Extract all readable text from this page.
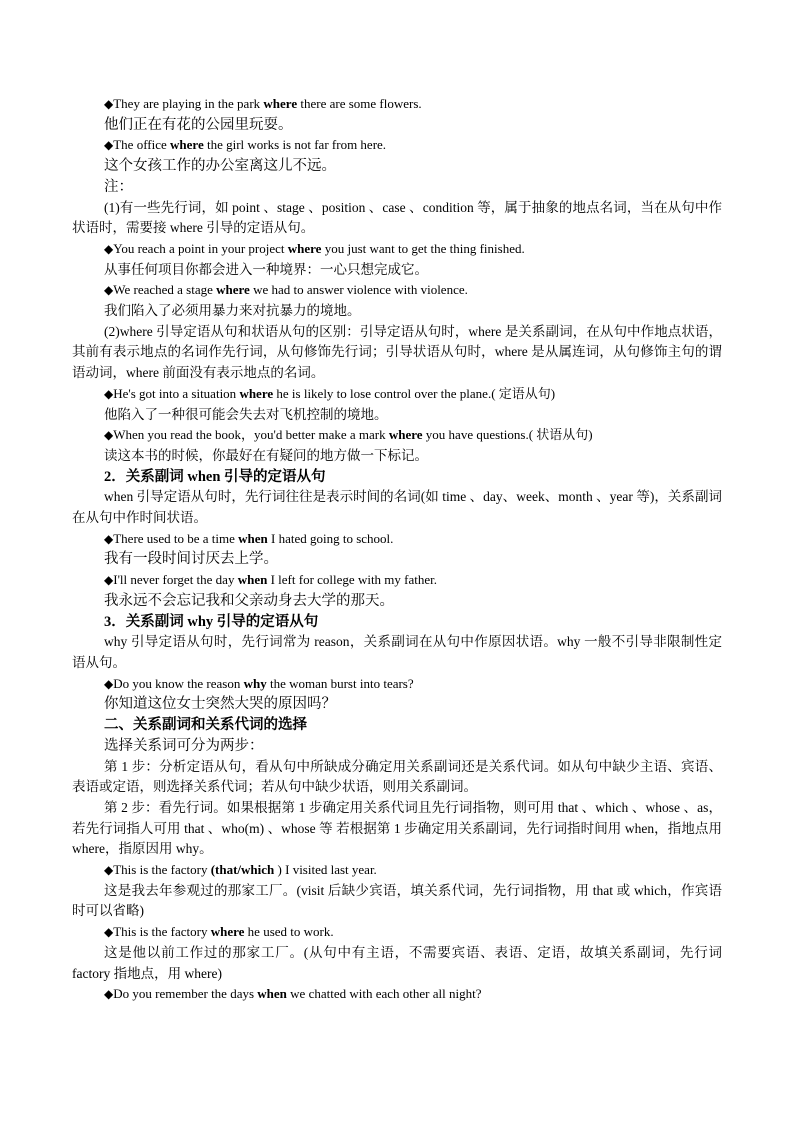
◆They are playing in the park where there are some flowers.

他们正在有花的公园里玩耍。

◆The office where the girl works is not far from here.

这个女孩工作的办公室离这儿不远。

注：

(1)有一些先行词，如 point 、stage 、position 、case 、condition 等，属于抽象的地点名词，当在从句中作状语时，需要接 where 引导的定语从句。

◆You reach a point in your project where you just want to get the thing finished.

从事任何项目你都会进入一种境界：一心只想完成它。

◆We reached a stage where we had to answer violence with violence.

我们陷入了必须用暴力来对抗暴力的境地。

(2)where 引导定语从句和状语从句的区别：引导定语从句时，where 是关系副词，在从句中作地点状语，其前有表示地点的名词作先行词，从句修饰先行词；引导状语从句时，where 是从属连词，从句修饰主句的谓语动词，where 前面没有表示地点的名词。

◆He's got into a situation where he is likely to lose control over the plane.( 定语从句)

他陷入了一种很可能会失去对飞机控制的境地。

◆When you read the book，you'd better make a mark where you have questions.( 状语从句)

读这本书的时候，你最好在有疑问的地方做一下标记。

2．关系副词 when 引导的定语从句

when 引导定语从句时，先行词往往是表示时间的名词(如 time 、day、week、month 、year 等)，关系副词在从句中作时间状语。

◆There used to be a time when I hated going to school.

我有一段时间讨厌去上学。

◆I'll never forget the day when I left for college with my father.

我永远不会忘记我和父亲动身去大学的那天。

3．关系副词 why 引导的定语从句

why 引导定语从句时，先行词常为 reason，关系副词在从句中作原因状语。why 一般不引导非限制性定语从句。

◆Do you know the reason why the woman burst into tears?

你知道这位女士突然大哭的原因吗？

二、关系副词和关系代词的选择

选择关系词可分为两步：

第 1 步：分析定语从句，看从句中所缺成分确定用关系副词还是关系代词。如从句中缺少主语、宾语、表语或定语，则选择关系代词；若从句中缺少状语，则用关系副词。

第 2 步：看先行词。如果根据第 1 步确定用关系代词且先行词指物，则可用 that 、which 、whose 、as，若先行词指人可用 that 、who(m) 、whose 等 若根据第 1 步确定用关系副词，先行词指时间用 when，指地点用 where，指原因用 why。

◆This is the factory (that/which ) I visited last year.

这是我去年参观过的那家工厂。(visit 后缺少宾语，填关系代词，先行词指物，用 that 或 which，作宾语时可以省略)

◆This is the factory where he used to work.

这是他以前工作过的那家工厂。(从句中有主语，不需要宾语、表语、定语，故填关系副词，先行词 factory 指地点，用 where)

◆Do you remember the days when we chatted with each other all night?
